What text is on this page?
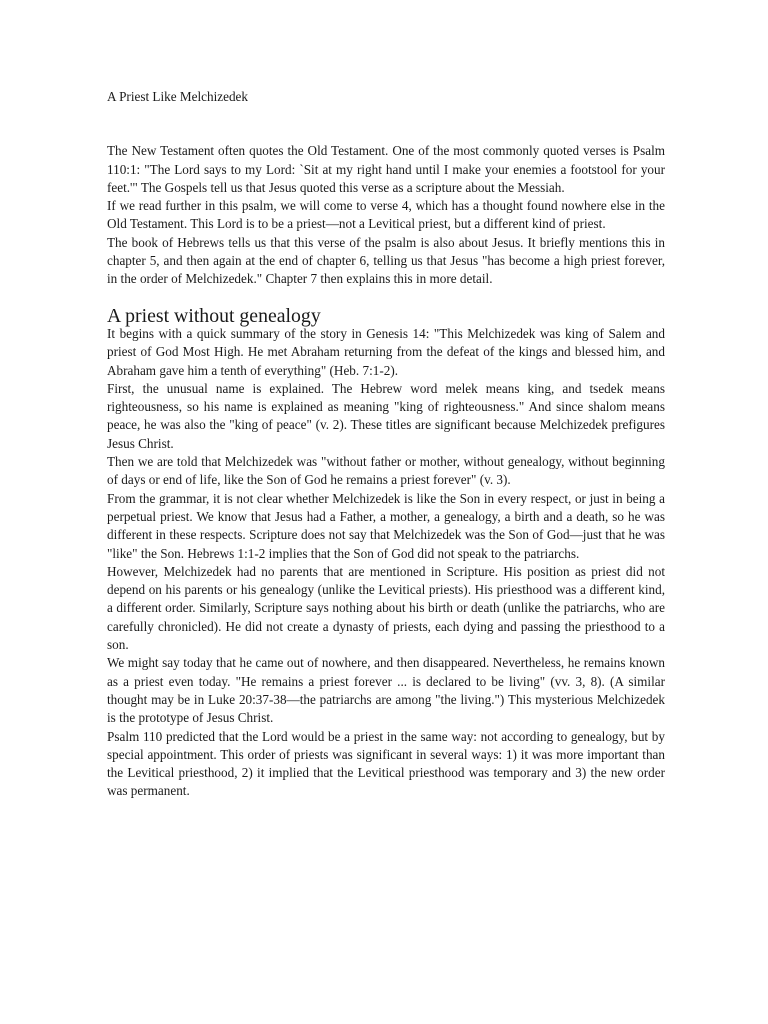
A Priest Like Melchizedek

The New Testament often quotes the Old Testament. One of the most commonly quoted verses is Psalm 110:1: "The Lord says to my Lord: `Sit at my right hand until I make your enemies a footstool for your feet.'" The Gospels tell us that Jesus quoted this verse as a scripture about the Messiah.

If we read further in this psalm, we will come to verse 4, which has a thought found nowhere else in the Old Testament. This Lord is to be a priest—not a Levitical priest, but a different kind of priest.

The book of Hebrews tells us that this verse of the psalm is also about Jesus. It briefly mentions this in chapter 5, and then again at the end of chapter 6, telling us that Jesus "has become a high priest forever, in the order of Melchizedek." Chapter 7 then explains this in more detail.

A priest without genealogy

It begins with a quick summary of the story in Genesis 14: "This Melchizedek was king of Salem and priest of God Most High. He met Abraham returning from the defeat of the kings and blessed him, and Abraham gave him a tenth of everything" (Heb. 7:1-2).

First, the unusual name is explained. The Hebrew word melek means king, and tsedek means righteousness, so his name is explained as meaning "king of righteousness." And since shalom means peace, he was also the "king of peace" (v. 2). These titles are significant because Melchizedek prefigures Jesus Christ.

Then we are told that Melchizedek was "without father or mother, without genealogy, without beginning of days or end of life, like the Son of God he remains a priest forever" (v. 3).

From the grammar, it is not clear whether Melchizedek is like the Son in every respect, or just in being a perpetual priest. We know that Jesus had a Father, a mother, a genealogy, a birth and a death, so he was different in these respects. Scripture does not say that Melchizedek was the Son of God—just that he was "like" the Son. Hebrews 1:1-2 implies that the Son of God did not speak to the patriarchs.

However, Melchizedek had no parents that are mentioned in Scripture. His position as priest did not depend on his parents or his genealogy (unlike the Levitical priests). His priesthood was a different kind, a different order. Similarly, Scripture says nothing about his birth or death (unlike the patriarchs, who are carefully chronicled). He did not create a dynasty of priests, each dying and passing the priesthood to a son.

We might say today that he came out of nowhere, and then disappeared. Nevertheless, he remains known as a priest even today. "He remains a priest forever ... is declared to be living" (vv. 3, 8). (A similar thought may be in Luke 20:37-38—the patriarchs are among "the living.") This mysterious Melchizedek is the prototype of Jesus Christ.

Psalm 110 predicted that the Lord would be a priest in the same way: not according to genealogy, but by special appointment. This order of priests was significant in several ways: 1) it was more important than the Levitical priesthood, 2) it implied that the Levitical priesthood was temporary and 3) the new order was permanent.
